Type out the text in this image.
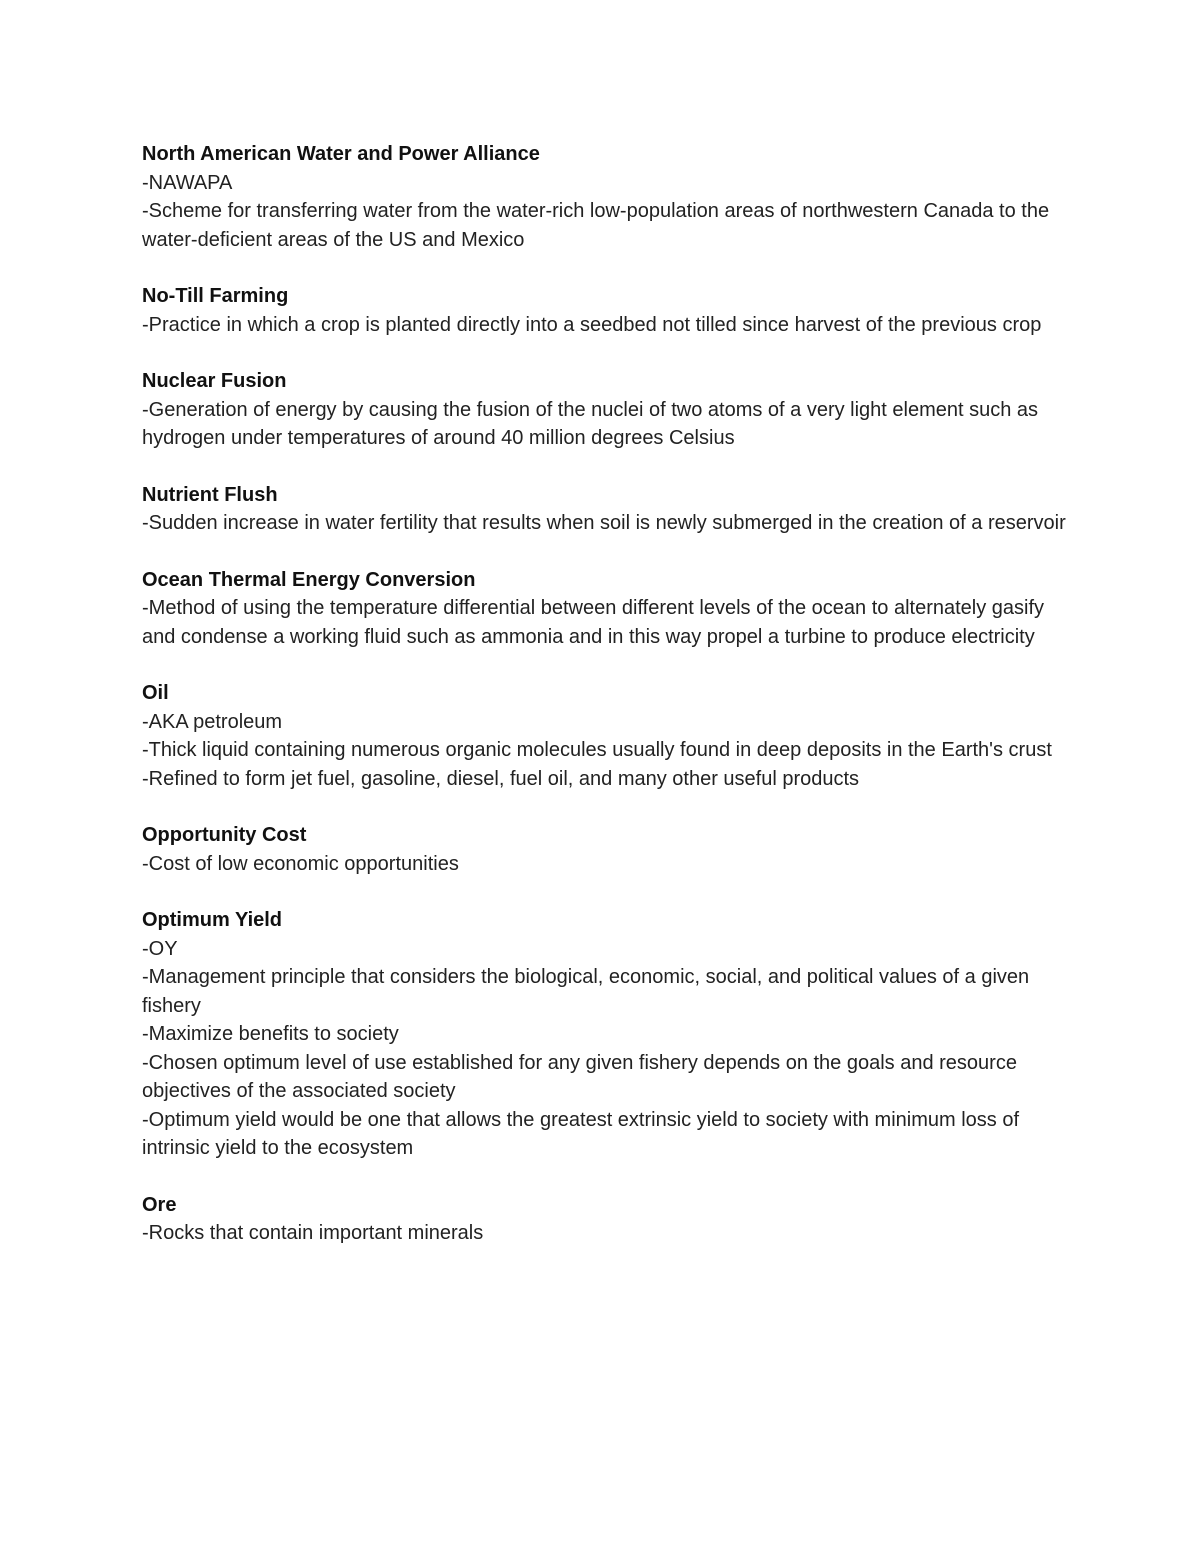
North American Water and Power Alliance

-NAWAPA

-Scheme for transferring water from the water-rich low-population areas of northwestern Canada to the water-deficient areas of the US and Mexico

No-Till Farming

-Practice in which a crop is planted directly into a seedbed not tilled since harvest of the previous crop

Nuclear Fusion

-Generation of energy by causing the fusion of the nuclei of two atoms of a very light element such as hydrogen under temperatures of around 40 million degrees Celsius

Nutrient Flush

-Sudden increase in water fertility that results when soil is newly submerged in the creation of a reservoir

Ocean Thermal Energy Conversion

-Method of using the temperature differential between different levels of the ocean to alternately gasify and condense a working fluid such as ammonia and in this way propel a turbine to produce electricity

Oil

-AKA petroleum

-Thick liquid containing numerous organic molecules usually found in deep deposits in the Earth's crust

-Refined to form jet fuel, gasoline, diesel, fuel oil, and many other useful products

Opportunity Cost

-Cost of low economic opportunities

Optimum Yield

-OY

-Management principle that considers the biological, economic, social, and political values of a given fishery

-Maximize benefits to society

-Chosen optimum level of use established for any given fishery depends on the goals and resource objectives of the associated society

-Optimum yield would be one that allows the greatest extrinsic yield to society with minimum loss of intrinsic yield to the ecosystem

Ore

-Rocks that contain important minerals
